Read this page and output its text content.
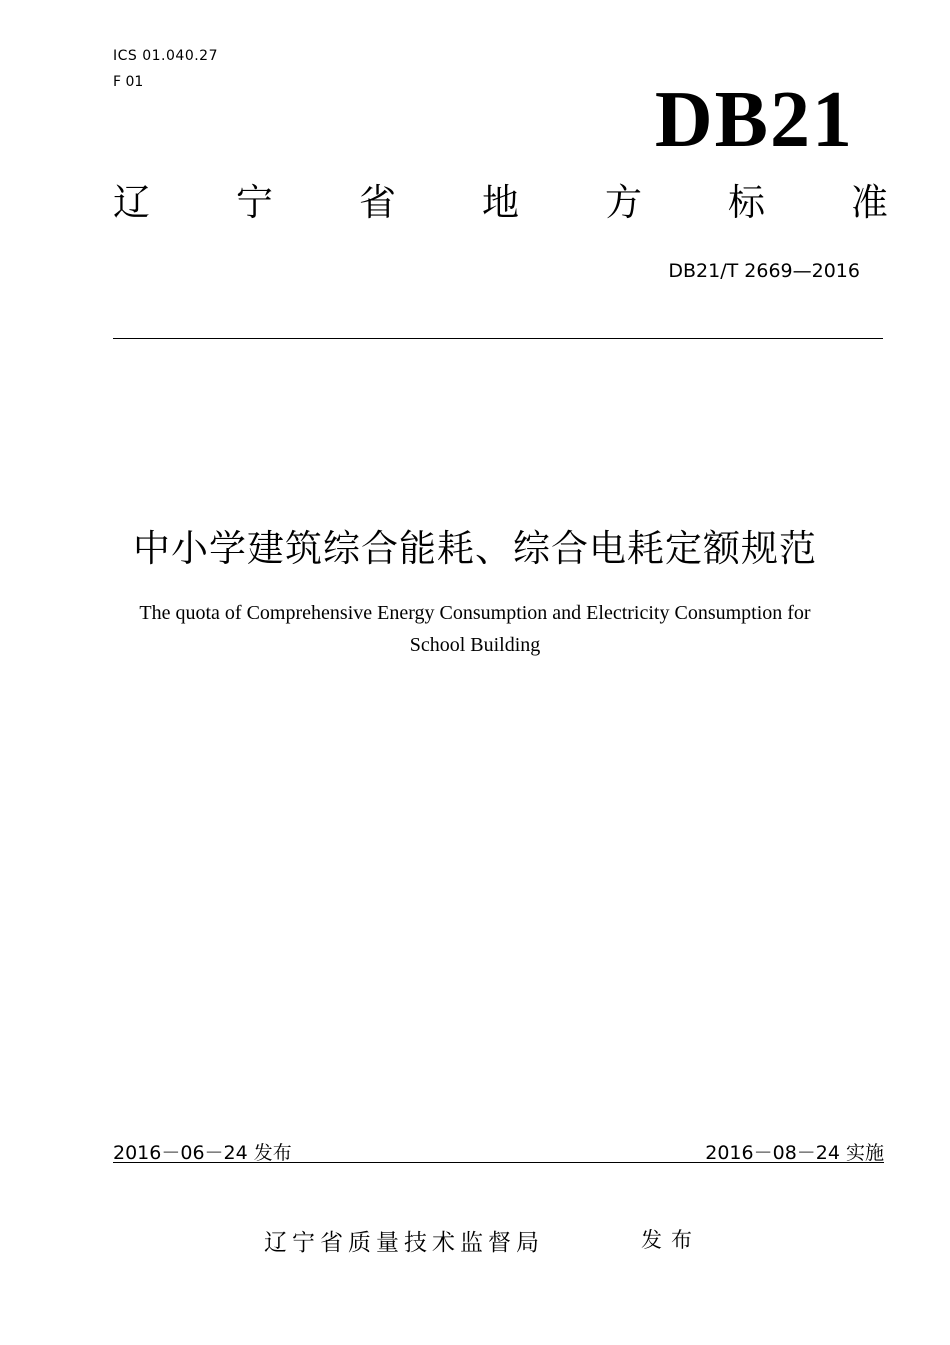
ICS 01.040.27
F 01	DB21
辽 宁 省 地 方 标 准
DB21/T 2669—2016
中小学建筑综合能耗、综合电耗定额规范
The quota of Comprehensive Energy Consumption and Electricity Consumption for
School Building
2016－06－24 发布	2016－08－24 实施
辽宁省质量技术监督局	发布
